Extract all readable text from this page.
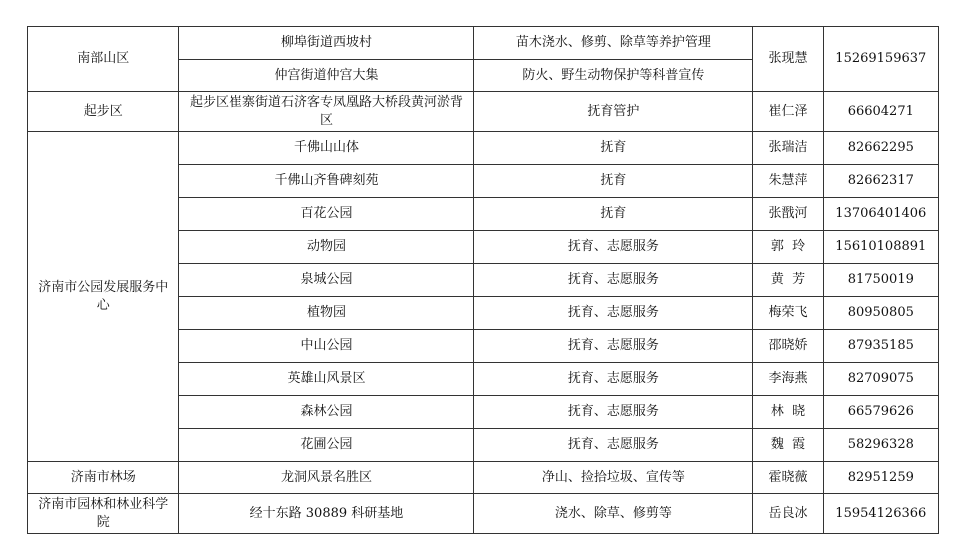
南部山区	柳埠街道西坡村	苗木浇水、修剪、除草等养护管理	张现慧	15269159637
	仲宫街道仲宫大集	防火、野生动物保护等科普宣传		
起步区	起步区崔寨街道石济客专凤凰路大桥段黄河淤背区	抚育管护	崔仁泽	66604271
济南市公园发展服务中心	千佛山山体	抚育	张瑞洁	82662295
	千佛山齐鲁碑刻苑	抚育	朱慧萍	82662317
	百花公园	抚育	张戬河	13706401406
	动物园	抚育、志愿服务	郭  玲	15610108891
	泉城公园	抚育、志愿服务	黄  芳	81750019
	植物园	抚育、志愿服务	梅荣飞	80950805
	中山公园	抚育、志愿服务	邵晓娇	87935185
	英雄山风景区	抚育、志愿服务	李海燕	82709075
	森林公园	抚育、志愿服务	林  晓	66579626
	花圃公园	抚育、志愿服务	魏  霞	58296328
济南市林场	龙洞风景名胜区	净山、捡拾垃圾、宣传等	霍晓薇	82951259
济南市园林和林业科学院	经十东路 30889 科研基地	浇水、除草、修剪等	岳良冰	15954126366
